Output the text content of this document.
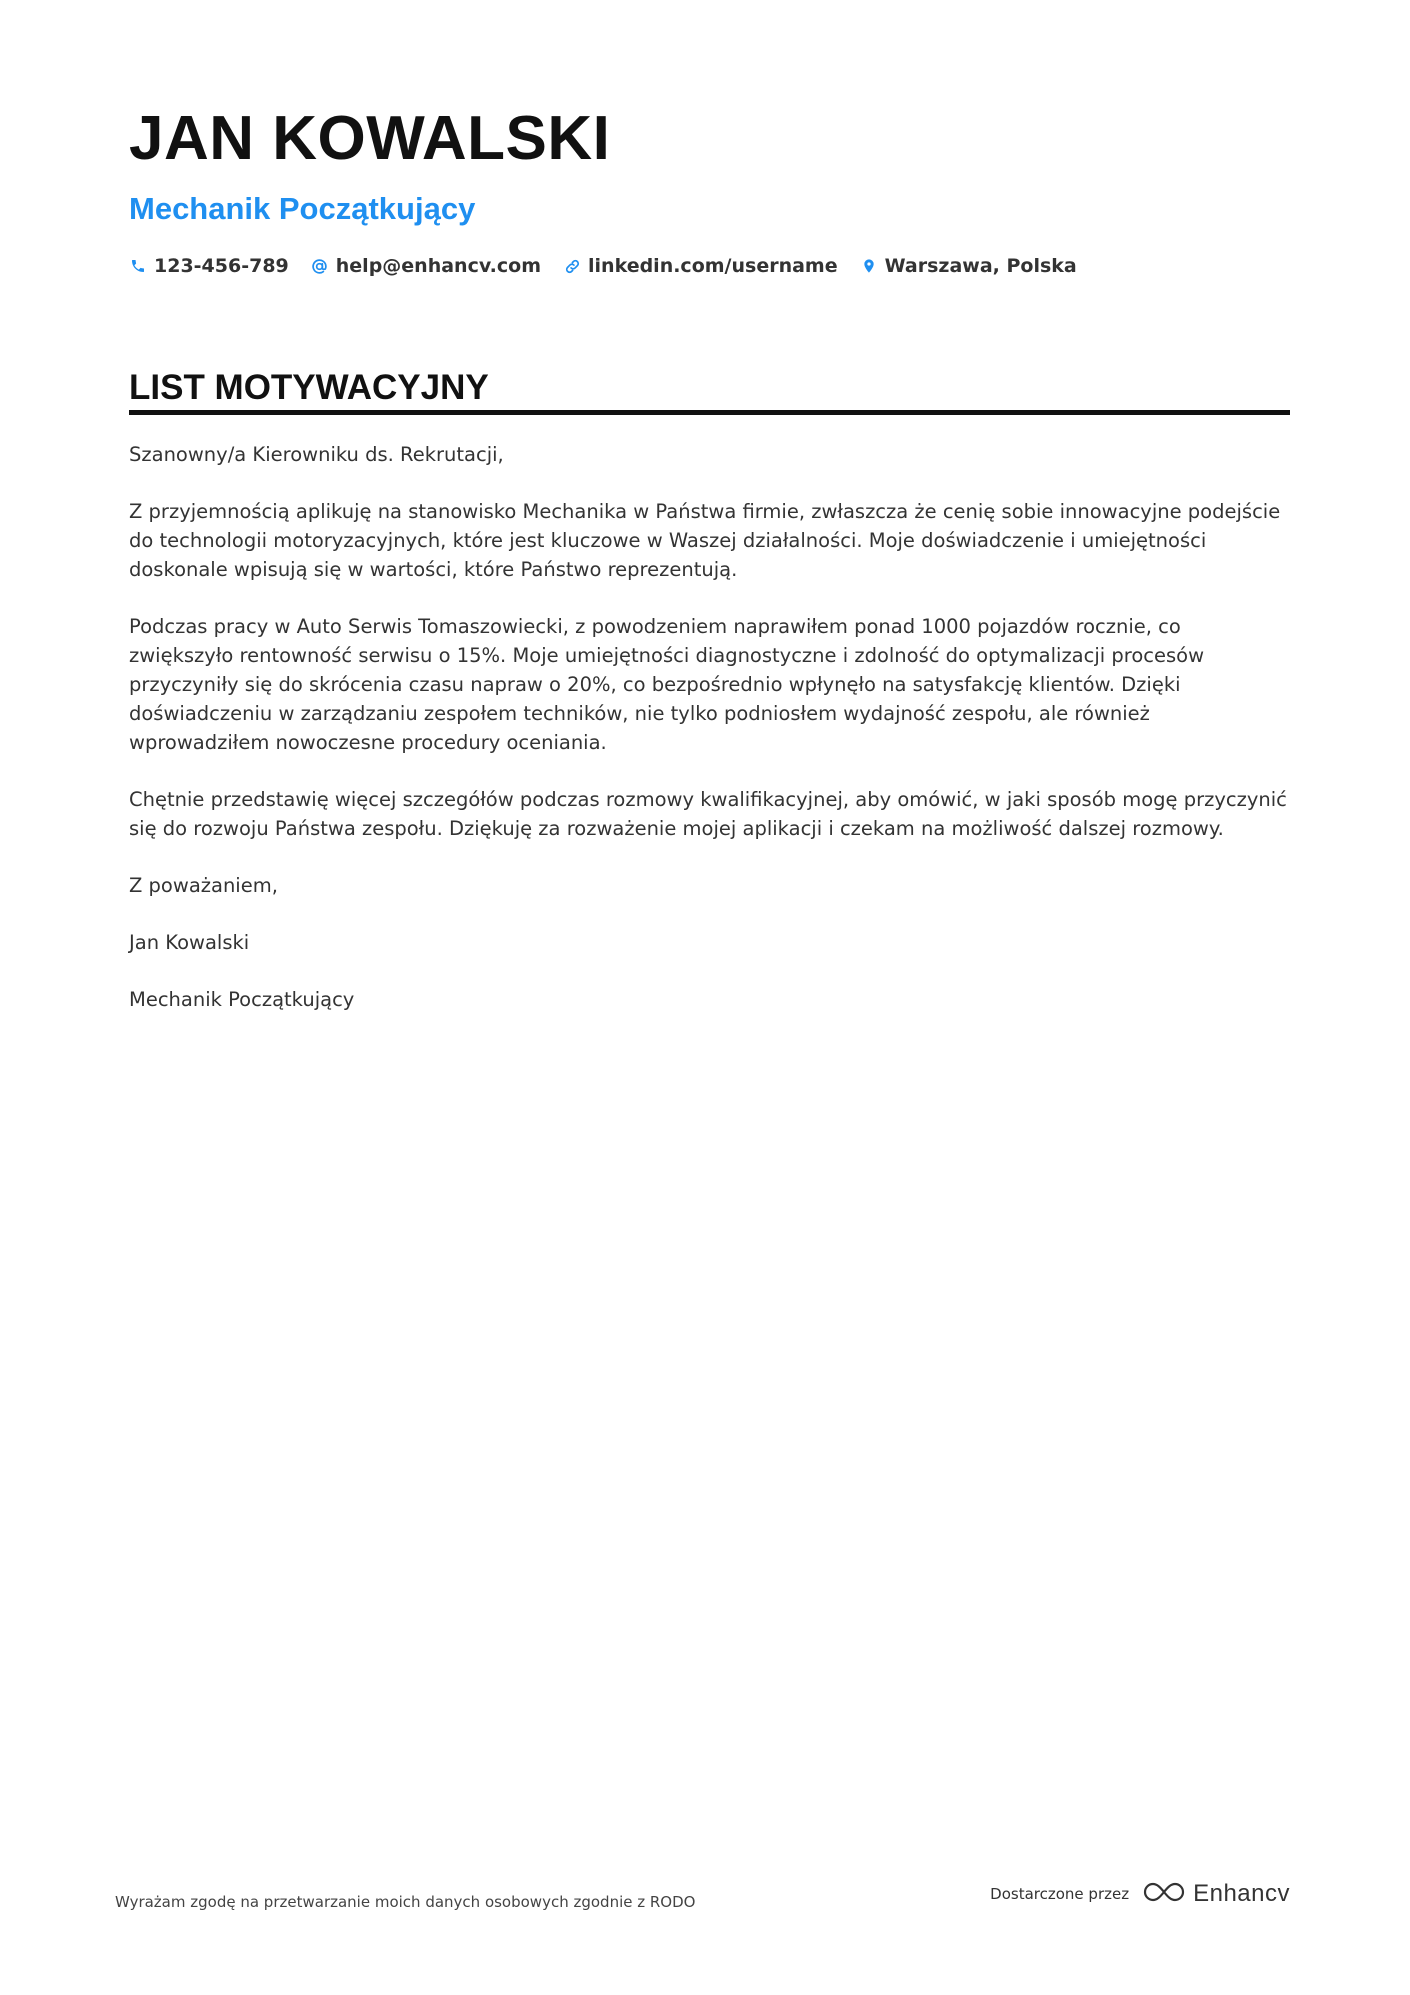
JAN KOWALSKI
Mechanik Początkujący
123-456-789 help@enhancv.com linkedin.com/username Warszawa, Polska
LIST MOTYWACYJNY

Szanowny/a Kierowniku ds. Rekrutacji,

Z przyjemnością aplikuję na stanowisko Mechanika w Państwa firmie, zwłaszcza że cenię sobie innowacyjne podejście do technologii motoryzacyjnych, które jest kluczowe w Waszej działalności. Moje doświadczenie i umiejętności doskonale wpisują się w wartości, które Państwo reprezentują.

Podczas pracy w Auto Serwis Tomaszowiecki, z powodzeniem naprawiłem ponad 1000 pojazdów rocznie, co zwiększyło rentowność serwisu o 15%. Moje umiejętności diagnostyczne i zdolność do optymalizacji procesów przyczyniły się do skrócenia czasu napraw o 20%, co bezpośrednio wpłynęło na satysfakcję klientów. Dzięki doświadczeniu w zarządzaniu zespołem techników, nie tylko podniosłem wydajność zespołu, ale również wprowadziłem nowoczesne procedury oceniania.

Chętnie przedstawię więcej szczegółów podczas rozmowy kwalifikacyjnej, aby omówić, w jaki sposób mogę przyczynić się do rozwoju Państwa zespołu. Dziękuję za rozważenie mojej aplikacji i czekam na możliwość dalszej rozmowy.

Z poważaniem,

Jan Kowalski

Mechanik Początkujący

Wyrażam zgodę na przetwarzanie moich danych osobowych zgodnie z RODO	Dostarczone przez	Enhancv
